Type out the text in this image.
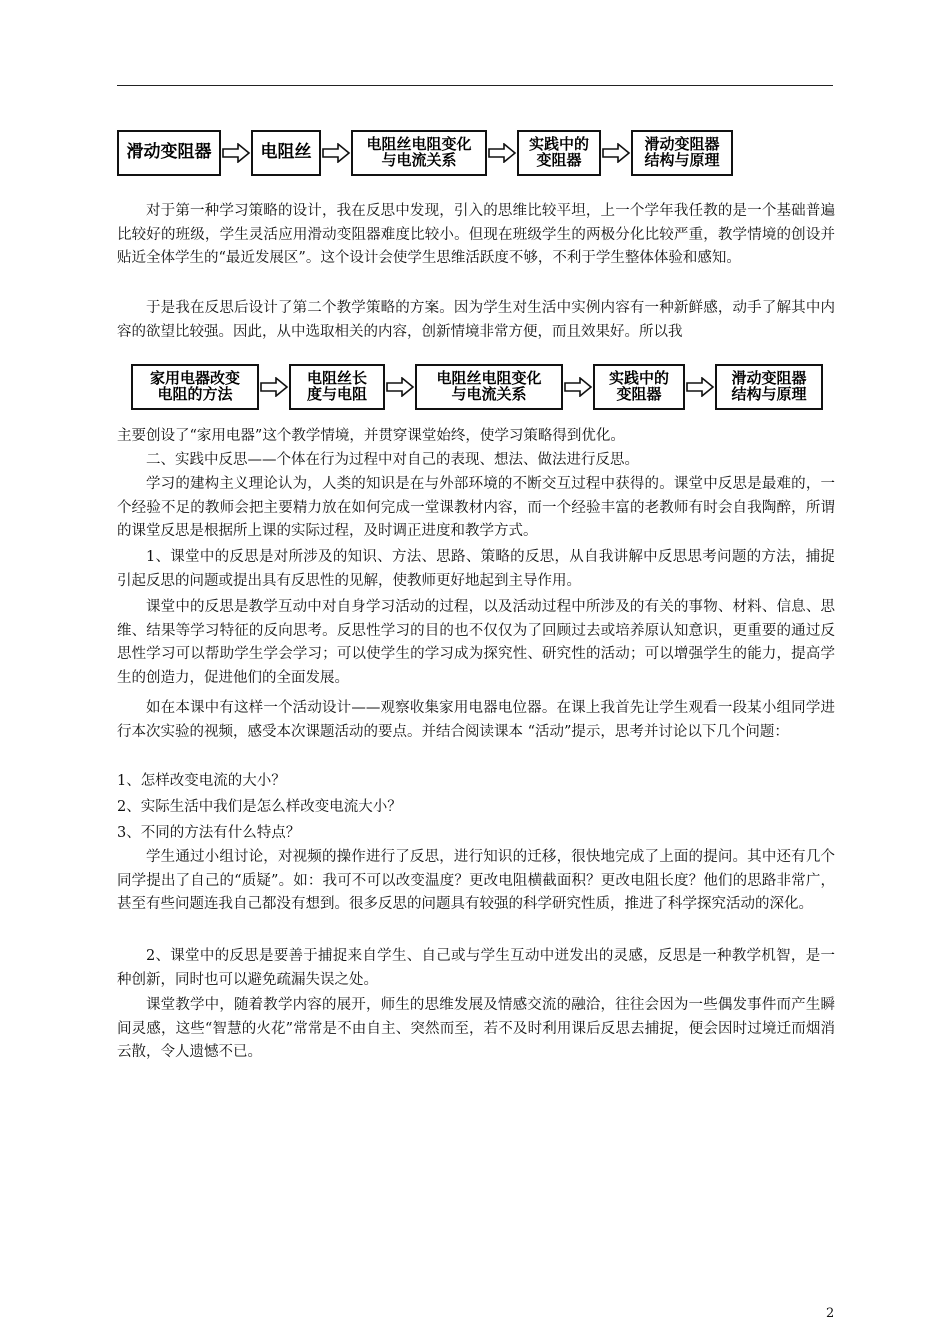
滑动变阻器	电阻丝	电阻丝电阻变化
与电流关系
实践中的
变阻器
滑动变阻器
结构与原理
对于第一种学习策略的设计，我在反思中发现，引入的思维比较平坦，上一个学年我任教的是一个基础普遍比较好的班级，学生灵活应用滑动变阻器难度比较小。但现在班级学生的两极分化比较严重，教学情境的创设并贴近全体学生的“最近发展区”。这个设计会使学生思维活跃度不够，不利于学生整体体验和感知。
于是我在反思后设计了第二个教学策略的方案。因为学生对生活中实例内容有一种新鲜感，动手了解其中内容的欲望比较强。因此，从中选取相关的内容，创新情境非常方便，而且效果好。所以我
家用电器改变
电阻的方法
电阻丝长
度与电阻
电阻丝电阻变化
与电流关系
实践中的
变阻器
滑动变阻器
结构与原理
主要创设了“家用电器”这个教学情境，并贯穿课堂始终，使学习策略得到优化。
二、实践中反思——个体在行为过程中对自己的表现、想法、做法进行反思。
学习的建构主义理论认为，人类的知识是在与外部环境的不断交互过程中获得的。课堂中反思是最难的，一个经验不足的教师会把主要精力放在如何完成一堂课教材内容，而一个经验丰富的老教师有时会自我陶醉，所谓的课堂反思是根据所上课的实际过程，及时调正进度和教学方式。
1、课堂中的反思是对所涉及的知识、方法、思路、策略的反思，从自我讲解中反思思考问题的方法，捕捉引起反思的问题或提出具有反思性的见解，使教师更好地起到主导作用。
课堂中的反思是教学互动中对自身学习活动的过程，以及活动过程中所涉及的有关的事物、材料、信息、思维、结果等学习特征的反向思考。反思性学习的目的也不仅仅为了回顾过去或培养原认知意识，更重要的通过反思性学习可以帮助学生学会学习；可以使学生的学习成为探究性、研究性的活动；可以增强学生的能力，提高学生的创造力，促进他们的全面发展。
如在本课中有这样一个活动设计——观察收集家用电器电位器。在课上我首先让学生观看一段某小组同学进行本次实验的视频，感受本次课题活动的要点。并结合阅读课本 “活动”提示，思考并讨论以下几个问题：
1、怎样改变电流的大小？
2、实际生活中我们是怎么样改变电流大小？
3、不同的方法有什么特点？
学生通过小组讨论，对视频的操作进行了反思，进行知识的迁移，很快地完成了上面的提问。其中还有几个同学提出了自己的“质疑”。如：我可不可以改变温度？更改电阻横截面积？更改电阻长度？他们的思路非常广，甚至有些问题连我自己都没有想到。很多反思的问题具有较强的科学研究性质，推进了科学探究活动的深化。
2、课堂中的反思是要善于捕捉来自学生、自己或与学生互动中迸发出的灵感，反思是一种教学机智，是一种创新，同时也可以避免疏漏失误之处。
课堂教学中，随着教学内容的展开，师生的思维发展及情感交流的融洽，往往会因为一些偶发事件而产生瞬间灵感，这些“智慧的火花”常常是不由自主、突然而至，若不及时利用课后反思去捕捉，便会因时过境迁而烟消云散，令人遗憾不已。
2
